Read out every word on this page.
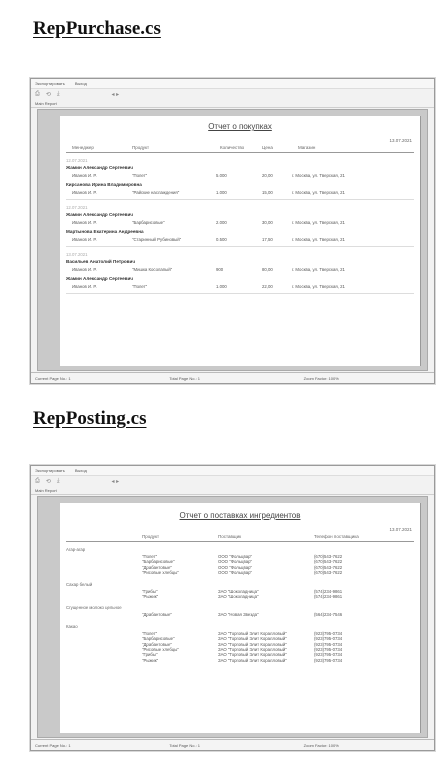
RepPurchase.cs
Экспортировать	Выход
⎙ ⟲ ⤓	◂ ▸
Main Report
Отчет о покупках
13.07.2021
Менеджер	Продукт	Количество	Цена	Магазин
12.07.2021
Жамин Александр Сергеевич
Иванов И. Р.	"Полет"	5.000	20,00	г. Москва, ул. Тверская, 21
Кирсанова Ирина Владимировна
Иванов И. Р.	"Райские наслаждения"	1.000	15,00	г. Москва, ул. Тверская, 21
12.07.2021
Жамин Александр Сергеевич
Иванов И. Р.	"Барбарисовые"	2.000	30,00	г. Москва, ул. Тверская, 21
Мартынова Екатерина Андреевна
Иванов И. Р.	"Старинный Рубиновый"	0.500	17,50	г. Москва, ул. Тверская, 21
13.07.2021
Васильев Анатолий Петрович
Иванов И. Р.	"Мишка Косолапый"	900	80,00	г. Москва, ул. Тверская, 21
Жамин Александр Сергеевич
Иванов И. Р.	"Полет"	1.000	22,00	г. Москва, ул. Тверская, 21
Current Page No.: 1	Total Page No.: 1	Zoom Factor: 100%
RepPosting.cs
Экспортировать	Выход
⎙ ⟲ ⤓	◂ ▸
Main Report
Отчет о поставках ингредиентов
13.07.2021
Продукт	Поставщик	Телефон поставщика
Агар-агар
"Полет"	ООО "Фольцвар"	(670)543-7622
"Барбарисовые"	ООО "Фольцвар"	(670)543-7622
"Драбантовые"	ООО "Фольцвар"	(670)543-7622
"Рисовые хлебцы"	ООО "Фольцвар"	(670)543-7622
Сахар белый
"Грибы"	ЗАО "Шоколадница"	(574)234-9861
"Рыжик"	ЗАО "Шоколадница"	(574)234-9861
Сгущенное молоко цельное
"Драбантовые"	ЗАО "Новая Звезда"	(564)234-7546
Какао
"Полет"	ЗАО "Торговый Элит Коралловый"	(923)795-0734
"Барбарисовые"	ЗАО "Торговый Элит Коралловый"	(923)795-0734
"Драбантовые"	ЗАО "Торговый Элит Коралловый"	(923)795-0734
"Рисовые хлебцы"	ЗАО "Торговый Элит Коралловый"	(923)795-0734
"Грибы"	ЗАО "Торговый Элит Коралловый"	(923)795-0734
"Рыжик"	ЗАО "Торговый Элит Коралловый"	(923)795-0734
Current Page No.: 1	Total Page No.: 1	Zoom Factor: 100%
